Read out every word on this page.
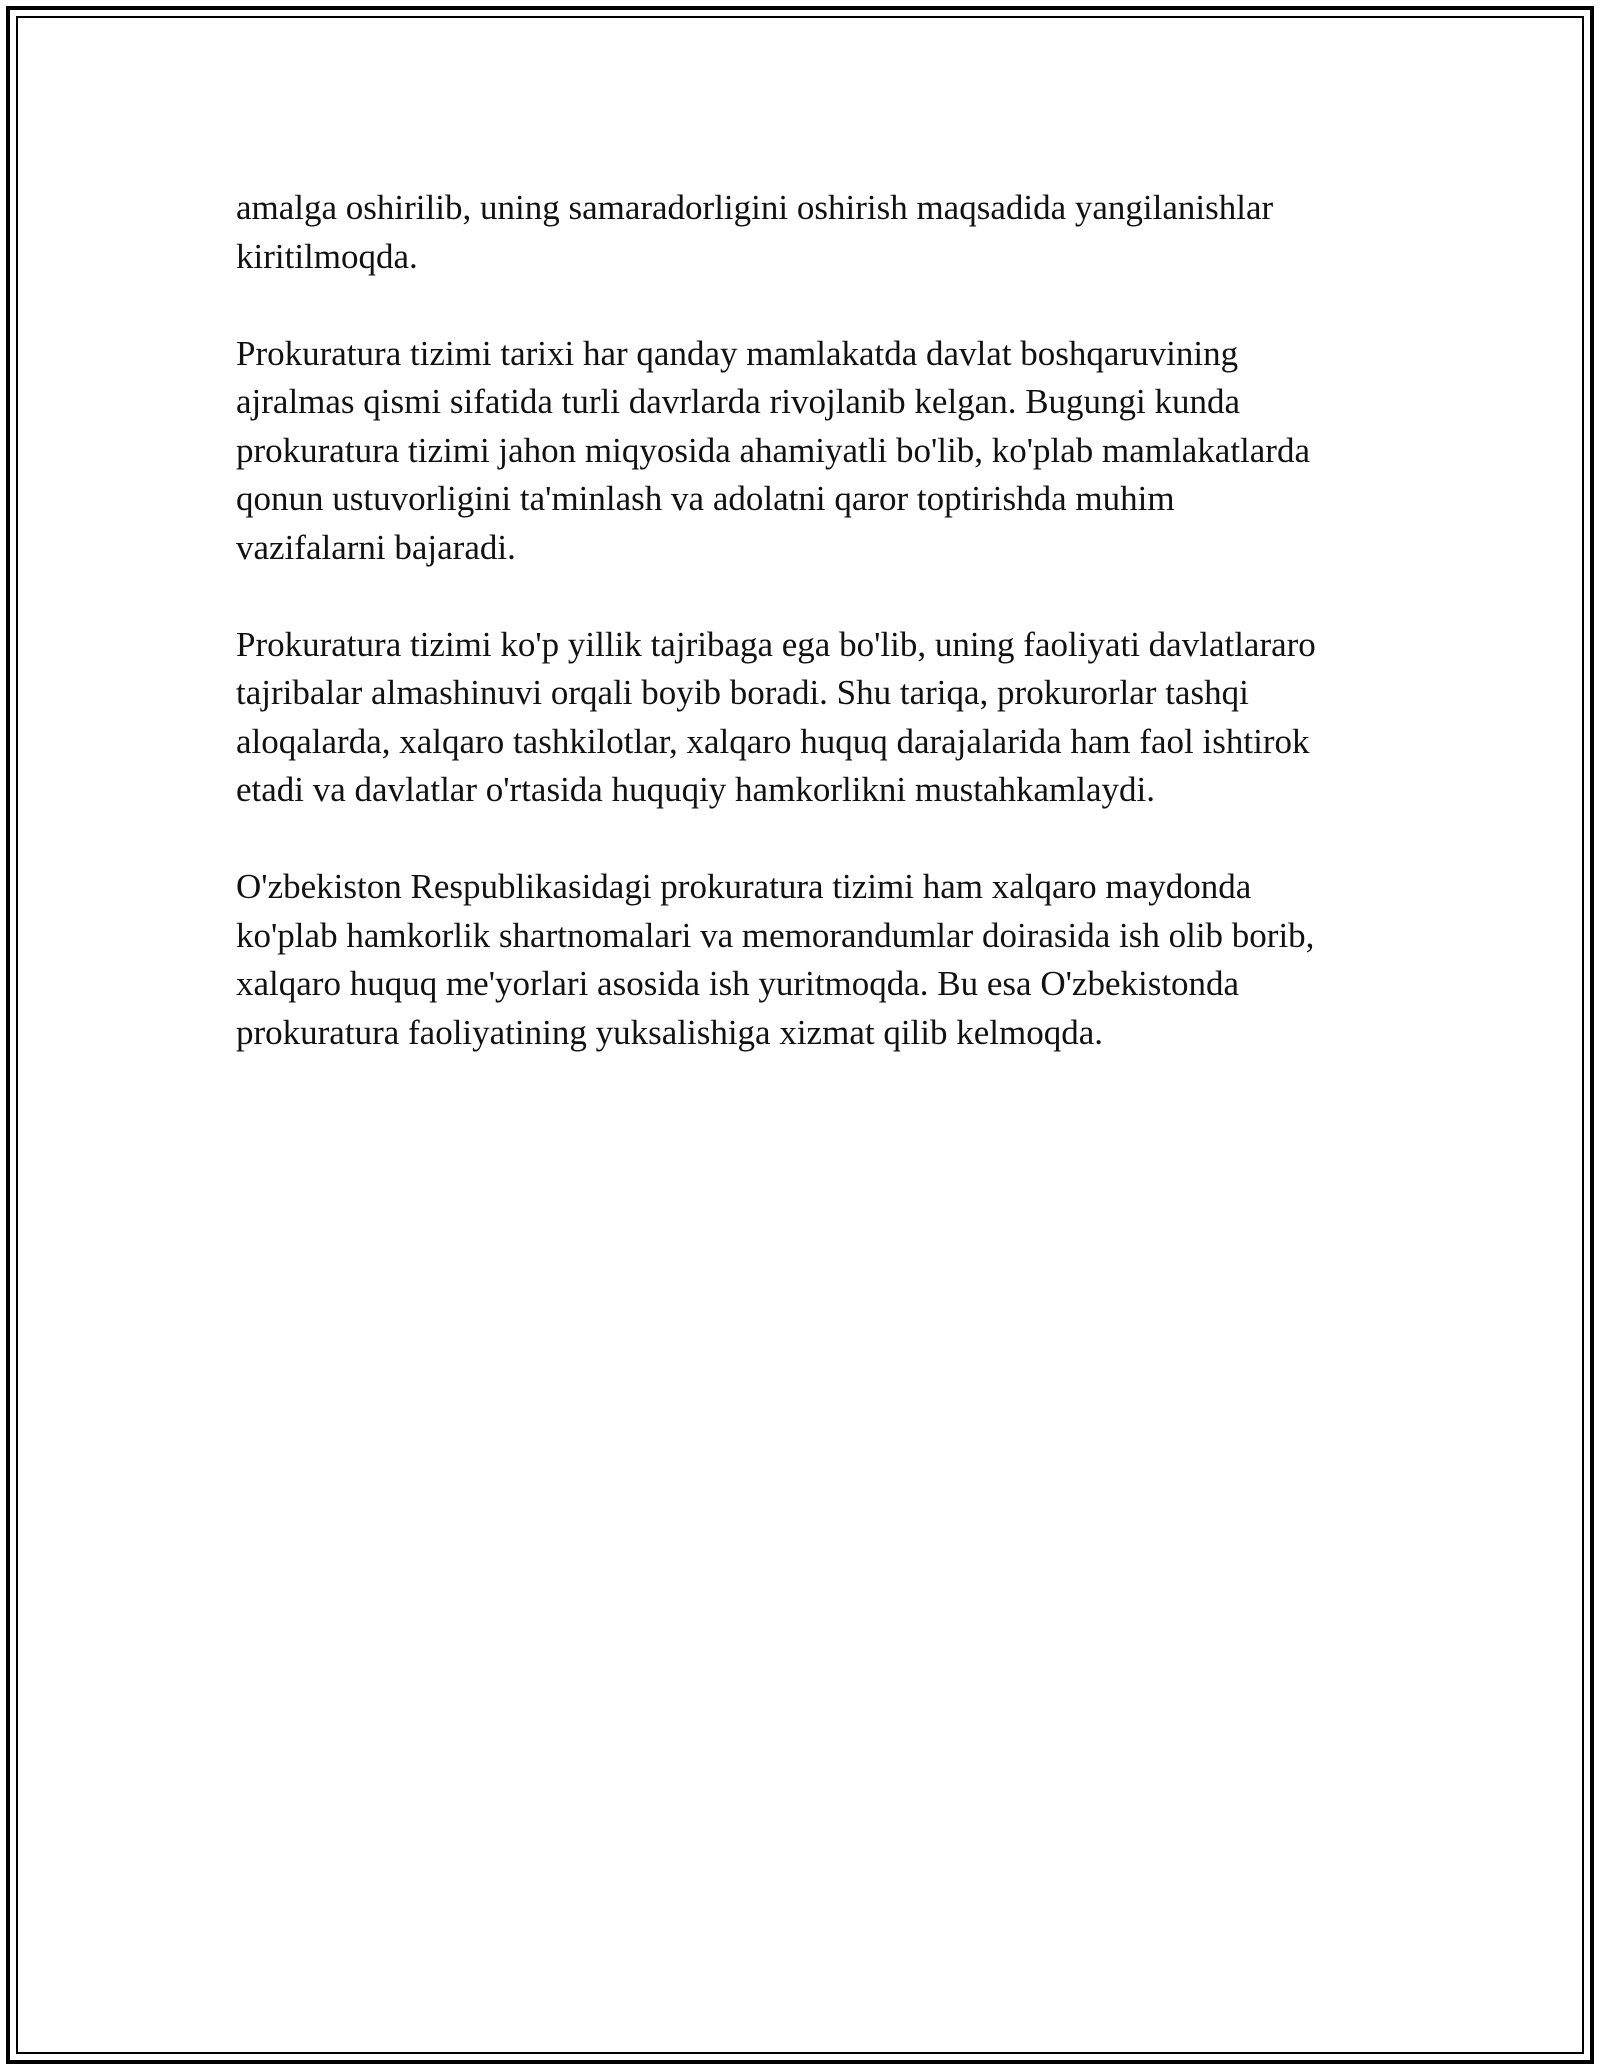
amalga oshirilib, uning samaradorligini oshirish maqsadida yangilanishlar
kiritilmoqda.

Prokuratura tizimi tarixi har qanday mamlakatda davlat boshqaruvining
ajralmas qismi sifatida turli davrlarda rivojlanib kelgan. Bugungi kunda
prokuratura tizimi jahon miqyosida ahamiyatli bo'lib, ko'plab mamlakatlarda
qonun ustuvorligini ta'minlash va adolatni qaror toptirishda muhim
vazifalarni bajaradi.

Prokuratura tizimi ko'p yillik tajribaga ega bo'lib, uning faoliyati davlatlararo
tajribalar almashinuvi orqali boyib boradi. Shu tariqa, prokurorlar tashqi
aloqalarda, xalqaro tashkilotlar, xalqaro huquq darajalarida ham faol ishtirok
etadi va davlatlar o'rtasida huquqiy hamkorlikni mustahkamlaydi.

O'zbekiston Respublikasidagi prokuratura tizimi ham xalqaro maydonda
ko'plab hamkorlik shartnomalari va memorandumlar doirasida ish olib borib,
xalqaro huquq me'yorlari asosida ish yuritmoqda. Bu esa O'zbekistonda
prokuratura faoliyatining yuksalishiga xizmat qilib kelmoqda.
